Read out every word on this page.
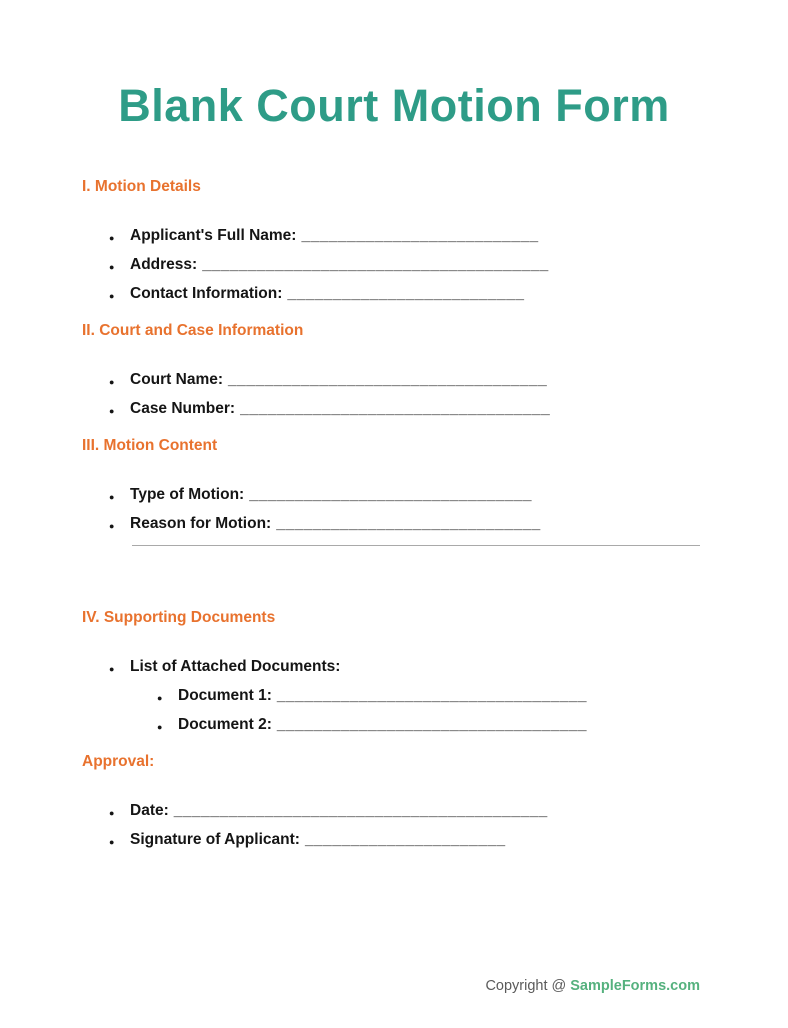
Blank Court Motion Form
I. Motion Details
● Applicant's Full Name: __________________________
● Address: ______________________________________
● Contact Information: __________________________
II. Court and Case Information
● Court Name: ___________________________________
● Case Number: __________________________________
III. Motion Content
● Type of Motion: _______________________________
● Reason for Motion: _____________________________
IV. Supporting Documents
● List of Attached Documents:
● Document 1: __________________________________
● Document 2: __________________________________
Approval:
● Date: _________________________________________
● Signature of Applicant: ______________________
Copyright @ SampleForms.com
